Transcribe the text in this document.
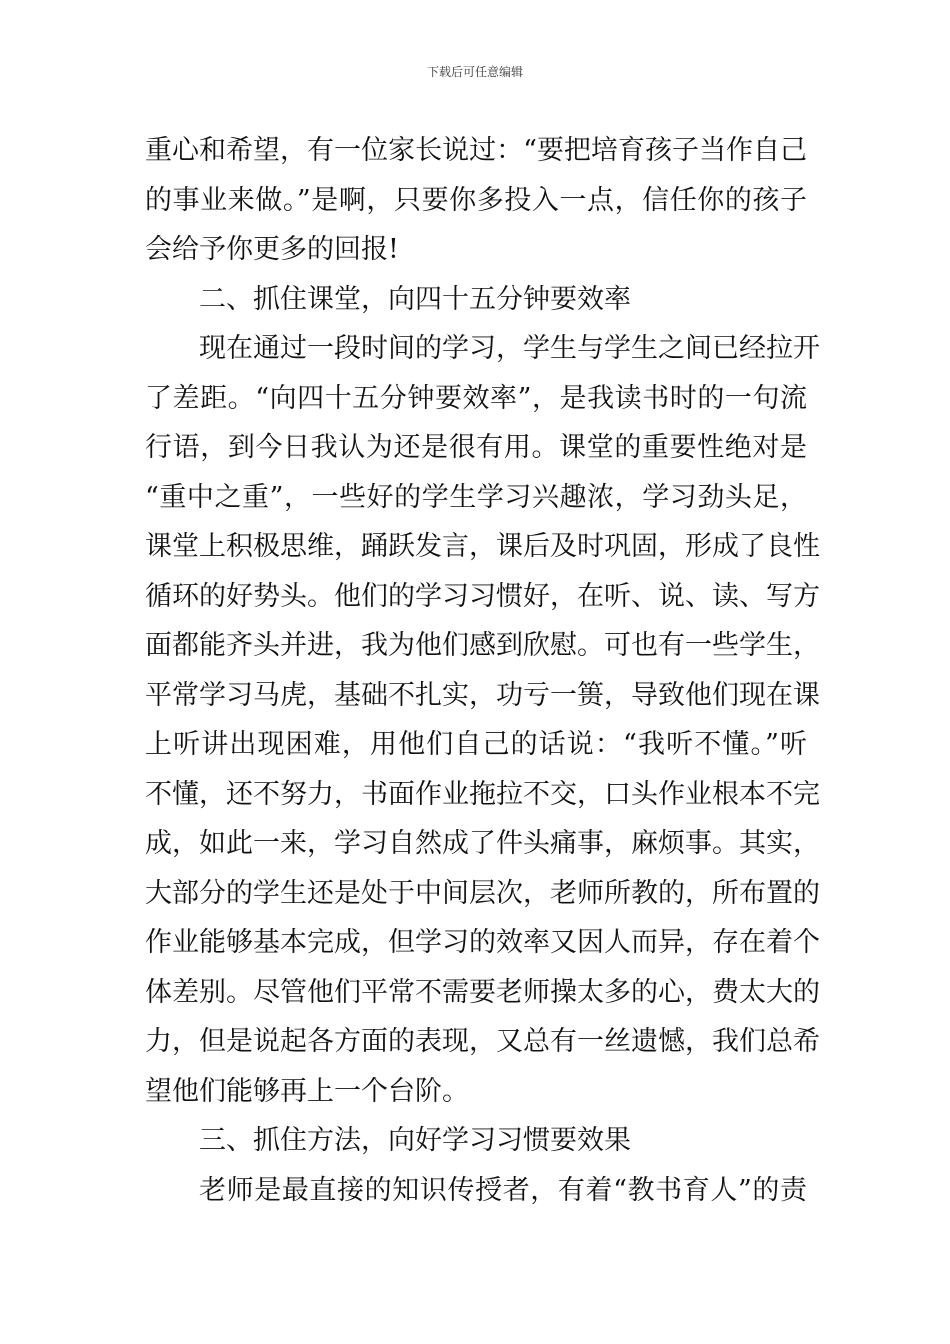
下载后可任意编辑
重心和希望，有一位家长说过：“要把培育孩子当作自己
的事业来做。”是啊，只要你多投入一点，信任你的孩子
会给予你更多的回报!
二、抓住课堂，向四十五分钟要效率
现在通过一段时间的学习，学生与学生之间已经拉开
了差距。“向四十五分钟要效率”，是我读书时的一句流
行语，到今日我认为还是很有用。课堂的重要性绝对是
“重中之重”，一些好的学生学习兴趣浓，学习劲头足，
课堂上积极思维，踊跃发言，课后及时巩固，形成了良性
循环的好势头。他们的学习习惯好，在听、说、读、写方
面都能齐头并进，我为他们感到欣慰。可也有一些学生，
平常学习马虎，基础不扎实，功亏一篑，导致他们现在课
上听讲出现困难，用他们自己的话说：“我听不懂。”听
不懂，还不努力，书面作业拖拉不交，口头作业根本不完
成，如此一来，学习自然成了件头痛事，麻烦事。其实，
大部分的学生还是处于中间层次，老师所教的，所布置的
作业能够基本完成，但学习的效率又因人而异，存在着个
体差别。尽管他们平常不需要老师操太多的心，费太大的
力，但是说起各方面的表现，又总有一丝遗憾，我们总希
望他们能够再上一个台阶。
三、抓住方法，向好学习习惯要效果
老师是最直接的知识传授者，有着“教书育人”的责
